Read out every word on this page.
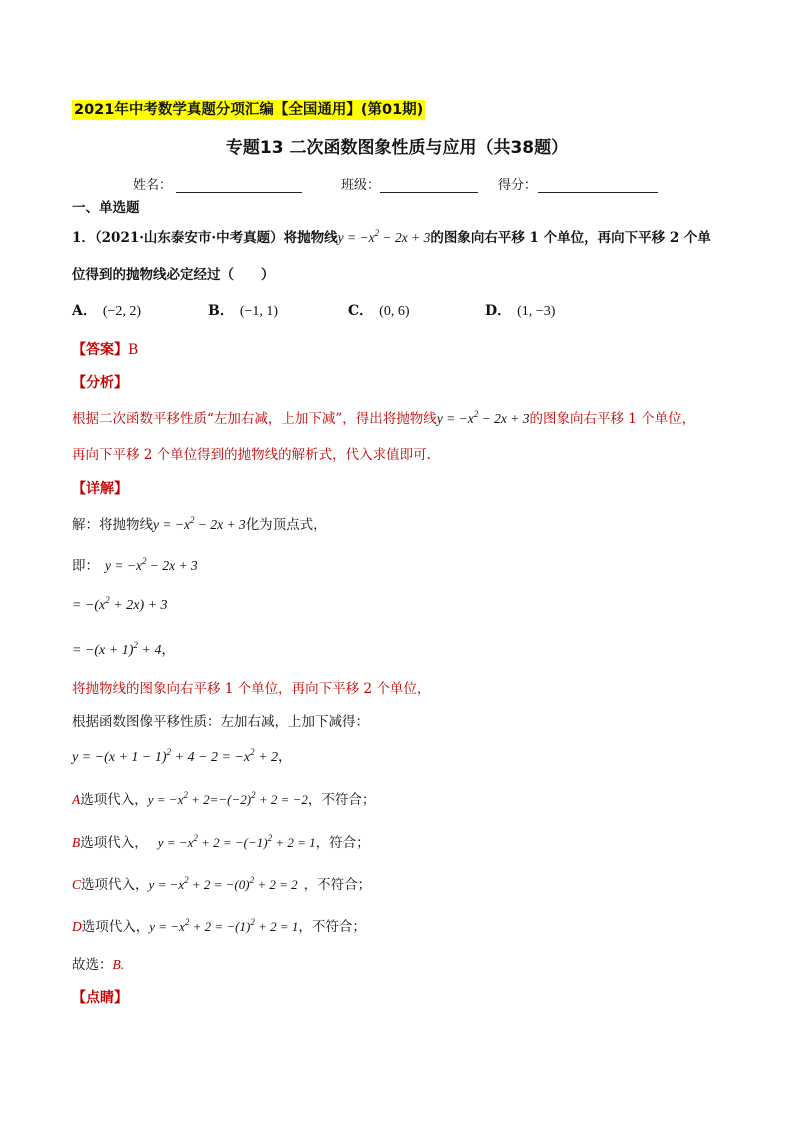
2021年中考数学真题分项汇编【全国通用】(第01期)
专题13 二次函数图象性质与应用（共38题）
姓名：	班级：	得分：
一、单选题
1．（2021·山东泰安市·中考真题）将抛物线$y = -x^2 - 2x + 3$的图象向右平移 1 个单位，再向下平移 2 个单
位得到的抛物线必定经过（　　）
A． (−2, 2)	B． (−1, 1)	C． (0, 6)	D． (1, −3)
【答案】B
【分析】
根据二次函数平移性质“左加右减，上加下减”，得出将抛物线$y = -x^2 - 2x + 3$的图象向右平移 1 个单位，
再向下平移 2 个单位得到的抛物线的解析式，代入求值即可.
【详解】
解：将抛物线$y = -x^2 - 2x + 3$化为顶点式，
即： $y = -x^2 - 2x + 3$
= $-(x^2 + 2x) + 3$
= $-(x + 1)^2 + 4$，
将抛物线的图象向右平移 1 个单位，再向下平移 2 个单位，
根据函数图像平移性质：左加右减，上加下减得：
$y = -(x + 1 - 1)^2 + 4 - 2 = -x^2 + 2$，
A选项代入，$y = -x^2 + 2=-(-2)^2 + 2 = -2$，不符合；
B选项代入， $y = -x^2 + 2 = -(-1)^2 + 2 = 1$，符合；
C选项代入，$y = -x^2 + 2 = -(0)^2 + 2 = 2$ ，不符合；
D选项代入，$y = -x^2 + 2 = -(1)^2 + 2 = 1$，不符合；
故选：B.
【点睛】
